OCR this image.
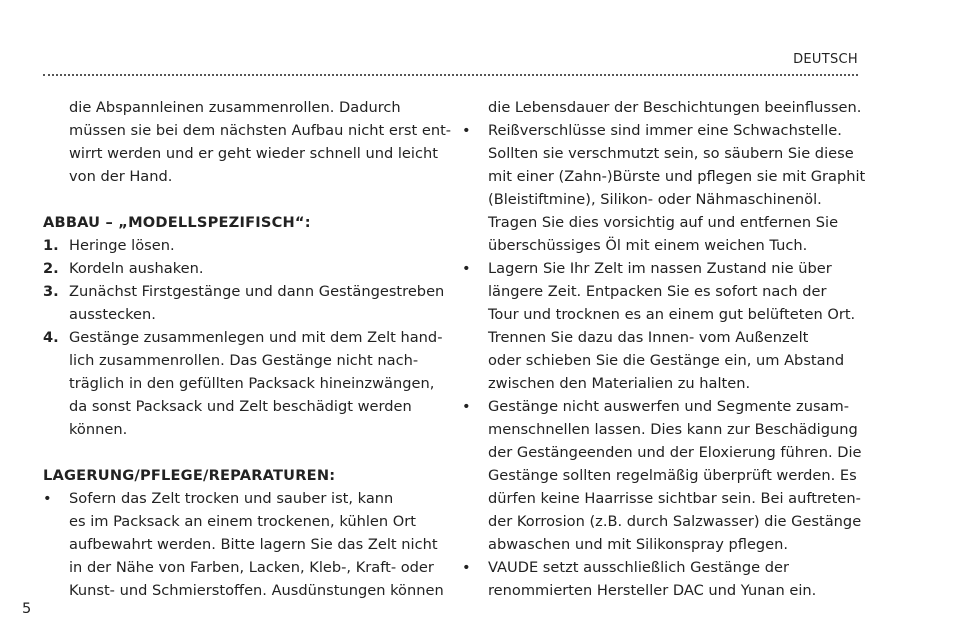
DEUTSCH
die Abspannleinen zusammenrollen. Dadurch
müssen sie bei dem nächsten Aufbau nicht erst ent-
wirrt werden und er geht wieder schnell und leicht
von der Hand.
ABBAU – „MODELLSPEZIFISCH“:
1. Heringe lösen.
2. Kordeln aushaken.
3. Zunächst Firstgestänge und dann Gestängestreben
ausstecken.
4. Gestänge zusammenlegen und mit dem Zelt hand-
lich zusammenrollen. Das Gestänge nicht nach-
träglich in den gefüllten Packsack hineinzwängen,
da sonst Packsack und Zelt beschädigt werden
können.
LAGERUNG/PFLEGE/REPARATUREN:
• Sofern das Zelt trocken und sauber ist, kann
es im Packsack an einem trockenen, kühlen Ort
aufbewahrt werden. Bitte lagern Sie das Zelt nicht
in der Nähe von Farben, Lacken, Kleb-, Kraft- oder
Kunst- und Schmierstoffen. Ausdünstungen können
die Lebensdauer der Beschichtungen beeinflussen.
• Reißverschlüsse sind immer eine Schwachstelle.
Sollten sie verschmutzt sein, so säubern Sie diese
mit einer (Zahn-)Bürste und pflegen sie mit Graphit
(Bleistiftmine), Silikon- oder Nähmaschinenöl.
Tragen Sie dies vorsichtig auf und entfernen Sie
überschüssiges Öl mit einem weichen Tuch.
• Lagern Sie Ihr Zelt im nassen Zustand nie über
längere Zeit. Entpacken Sie es sofort nach der
Tour und trocknen es an einem gut belüfteten Ort.
Trennen Sie dazu das Innen- vom Außenzelt
oder schieben Sie die Gestänge ein, um Abstand
zwischen den Materialien zu halten.
• Gestänge nicht auswerfen und Segmente zusam-
menschnellen lassen. Dies kann zur Beschädigung
der Gestängeenden und der Eloxierung führen. Die
Gestänge sollten regelmäßig überprüft werden. Es
dürfen keine Haarrisse sichtbar sein. Bei auftreten-
der Korrosion (z.B. durch Salzwasser) die Gestänge
abwaschen und mit Silikonspray pflegen.
• VAUDE setzt ausschließlich Gestänge der
renommierten Hersteller DAC und Yunan ein.
5
